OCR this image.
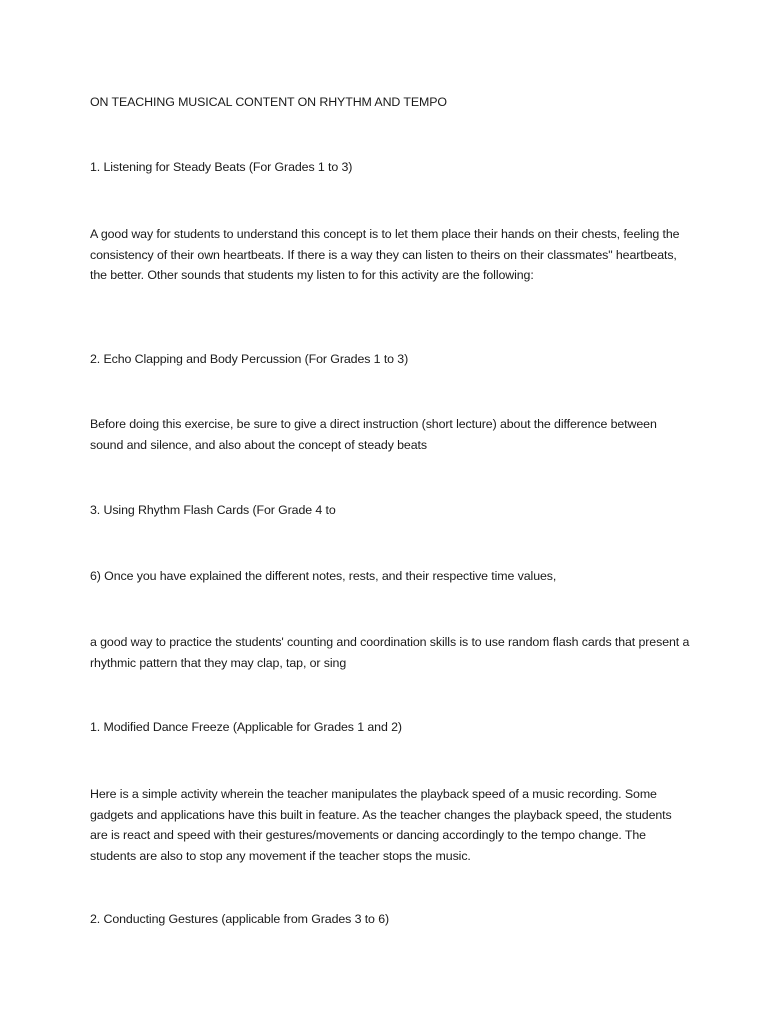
ON TEACHING MUSICAL CONTENT ON RHYTHM AND TEMPO

1. Listening for Steady Beats (For Grades 1 to 3)

A good way for students to understand this concept is to let them place their hands on their chests, feeling the consistency of their own heartbeats. If there is a way they can listen to theirs on their classmates" heartbeats, the better. Other sounds that students my listen to for this activity are the following:

2. Echo Clapping and Body Percussion (For Grades 1 to 3)

Before doing this exercise, be sure to give a direct instruction (short lecture) about the difference between sound and silence, and also about the concept of steady beats

3. Using Rhythm Flash Cards (For Grade 4 to

6) Once you have explained the different notes, rests, and their respective time values,

a good way to practice the students' counting and coordination skills is to use random flash cards that present a rhythmic pattern that they may clap, tap, or sing

1. Modified Dance Freeze (Applicable for Grades 1 and 2)

Here is a simple activity wherein the teacher manipulates the playback speed of a music recording. Some gadgets and applications have this built in feature. As the teacher changes the playback speed, the students are is react and speed with their gestures/movements or dancing accordingly to the tempo change. The students are also to stop any movement if the teacher stops the music.

2. Conducting Gestures (applicable from Grades 3 to 6)
